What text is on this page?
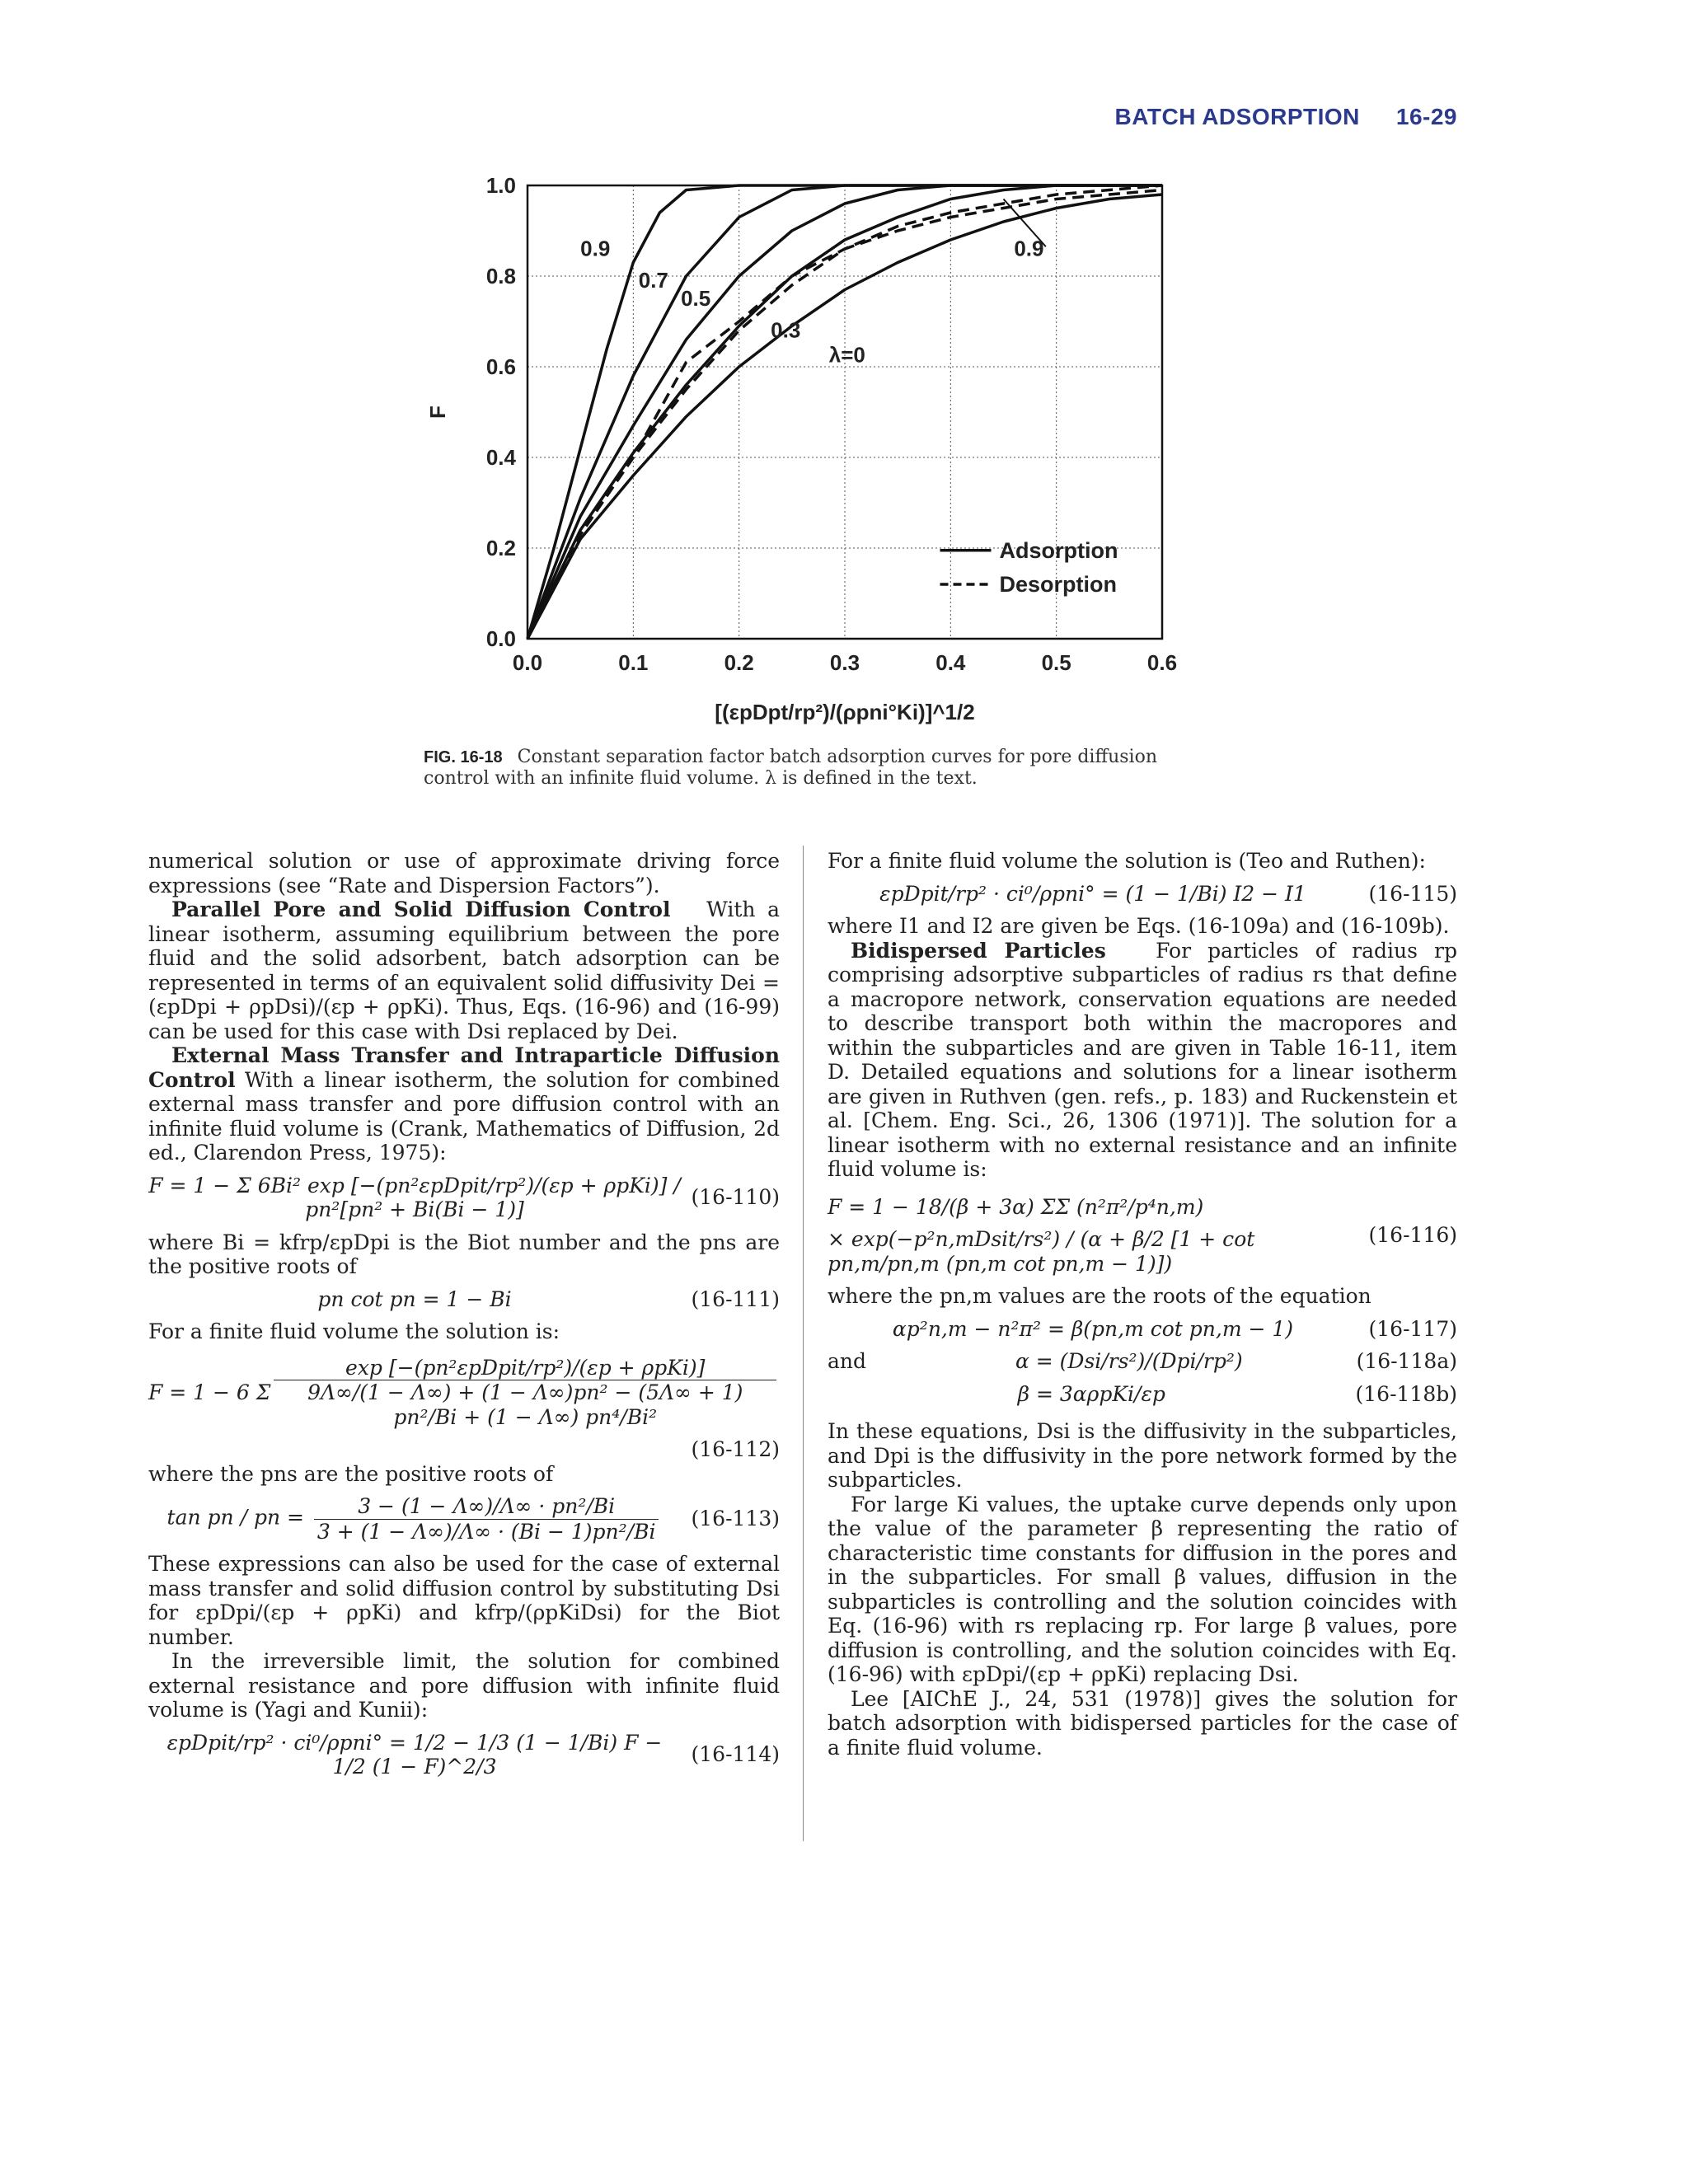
BATCH ADSORPTION 16-29
0.0	0.1	0.2	0.3	0.4	0.5	0.6
0.0
0.2
0.4
0.6
0.8
1.0
[(εpDpt/rp²)/(ρpni°Ki)]^1/2
F
0.9
0.7
0.5
0.3
λ=0
0.9
Adsorption
Desorption
FIG. 16-18 Constant separation factor batch adsorption curves for pore diffusion control with an infinite fluid volume. λ is defined in the text.

numerical solution or use of approximate driving force expressions (see “Rate and Dispersion Factors”).

Parallel Pore and Solid Diffusion Control With a linear isotherm, assuming equilibrium between the pore fluid and the solid adsorbent, batch adsorption can be represented in terms of an equivalent solid diffusivity Dei = (εpDpi + ρpDsi)/(εp + ρpKi). Thus, Eqs. (16-96) and (16-99) can be used for this case with Dsi replaced by Dei.

External Mass Transfer and Intraparticle Diffusion Control With a linear isotherm, the solution for combined external mass transfer and pore diffusion control with an infinite fluid volume is (Crank, Mathematics of Diffusion, 2d ed., Clarendon Press, 1975):

F = 1 − Σ 6Bi² exp [−(pn²εpDpit/rp²)/(εp + ρpKi)] / pn²[pn² + Bi(Bi − 1)]
(16-110)

where Bi = kfrp/εpDpi is the Biot number and the pns are the positive roots of

pn cot pn = 1 − Bi	(16-111)

For a finite fluid volume the solution is:

F = 1 − 6 Σ
exp [−(pn²εpDpit/rp²)/(εp + ρpKi)]
9Λ∞/(1 − Λ∞) + (1 − Λ∞)pn² − (5Λ∞ + 1) pn²/Bi + (1 − Λ∞) pn⁴/Bi²
(16-112)

where the pns are the positive roots of

tan pn / pn = $\frac{\text{3 − (1 − Λ∞)/Λ∞ · pn²/Bi}}{\text{3 + (1 − Λ∞)/Λ∞ · (Bi − 1)pn²/Bi}}$	(16-113)

These expressions can also be used for the case of external mass transfer and solid diffusion control by substituting Dsi for εpDpi/(εp + ρpKi) and kfrp/(ρpKiDsi) for the Biot number.

In the irreversible limit, the solution for combined external resistance and pore diffusion with infinite fluid volume is (Yagi and Kunii):

εpDpit/rp² · ci⁰/ρpni° = 1/2 − 1/3 (1 − 1/Bi) F − 1/2 (1 − F)^2/3
(16-114)

For a finite fluid volume the solution is (Teo and Ruthen):

εpDpit/rp² · ci⁰/ρpni° = (1 − 1/Bi) I2 − I1	(16-115)

where I1 and I2 are given be Eqs. (16-109a) and (16-109b).

Bidispersed Particles For particles of radius rp comprising adsorptive subparticles of radius rs that define a macropore network, conservation equations are needed to describe transport both within the macropores and within the subparticles and are given in Table 16-11, item D. Detailed equations and solutions for a linear isotherm are given in Ruthven (gen. refs., p. 183) and Ruckenstein et al. [Chem. Eng. Sci., 26, 1306 (1971)]. The solution for a linear isotherm with no external resistance and an infinite fluid volume is:

F = 1 − 18/(β + 3α) ΣΣ (n²π²/p⁴n,m)
× exp(−p²n,mDsit/rs²) / (α + β/2 [1 + cot pn,m/pn,m (pn,m cot pn,m − 1)])
(16-116)

where the pn,m values are the roots of the equation

αp²n,m − n²π² = β(pn,m cot pn,m − 1)	(16-117)
and	α = (Dsi/rs²)/(Dpi/rp²)	(16-118a)
β = 3αρpKi/εp	(16-118b)

In these equations, Dsi is the diffusivity in the subparticles, and Dpi is the diffusivity in the pore network formed by the subparticles.

For large Ki values, the uptake curve depends only upon the value of the parameter β representing the ratio of characteristic time constants for diffusion in the pores and in the subparticles. For small β values, diffusion in the subparticles is controlling and the solution coincides with Eq. (16-96) with rs replacing rp. For large β values, pore diffusion is controlling, and the solution coincides with Eq. (16-96) with εpDpi/(εp + ρpKi) replacing Dsi.

Lee [AIChE J., 24, 531 (1978)] gives the solution for batch adsorption with bidispersed particles for the case of a finite fluid volume.
